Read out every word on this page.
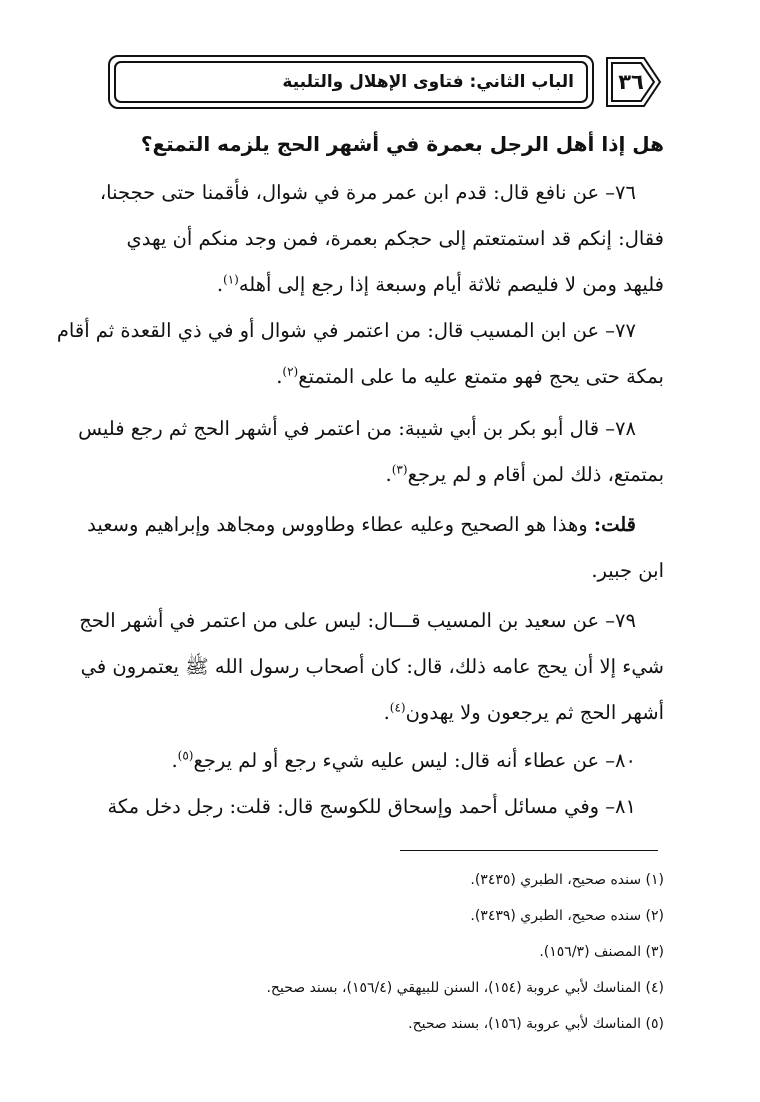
الباب الثاني: فتاوى الإهلال والتلبية	٣٦
هل إذا أهل الرجل بعمرة في أشهر الحج يلزمه التمتع؟
٧٦– عن نافع قال: قدم ابن عمر مرة في شوال، فأقمنا حتى حججنا،
فقال: إنكم قد استمتعتم إلى حجكم بعمرة، فمن وجد منكم أن يهدي
فليهد ومن لا فليصم ثلاثة أيام وسبعة إذا رجع إلى أهله$^{(١)}$.
٧٧– عن ابن المسيب قال: من اعتمر في شوال أو في ذي القعدة ثم أقام
بمكة حتى يحج فهو متمتع عليه ما على المتمتع$^{(٢)}$.
٧٨– قال أبو بكر بن أبي شيبة: من اعتمر في أشهر الحج ثم رجع فليس
بمتمتع، ذلك لمن أقام و لم يرجع$^{(٣)}$.
قلت: وهذا هو الصحيح وعليه عطاء وطاووس ومجاهد وإبراهيم وسعيد
ابن جبير.
٧٩– عن سعيد بن المسيب قـــال: ليس على من اعتمر في أشهر الحج
شيء إلا أن يحج عامه ذلك، قال: كان أصحاب رسول الله ﷺ يعتمرون في
أشهر الحج ثم يرجعون ولا يهدون$^{(٤)}$.
٨٠– عن عطاء أنه قال: ليس عليه شيء رجع أو لم يرجع$^{(٥)}$.
٨١– وفي مسائل أحمد وإسحاق للكوسج قال: قلت: رجل دخل مكة
(١) سنده صحيح، الطبري (٣٤٣٥).
(٢) سنده صحيح، الطبري (٣٤٣٩).
(٣) المصنف (١٥٦/٣).
(٤) المناسك لأبي عروبة (١٥٤)، السنن للبيهقي (١٥٦/٤)، بسند صحيح.
(٥) المناسك لأبي عروبة (١٥٦)، بسند صحيح.
